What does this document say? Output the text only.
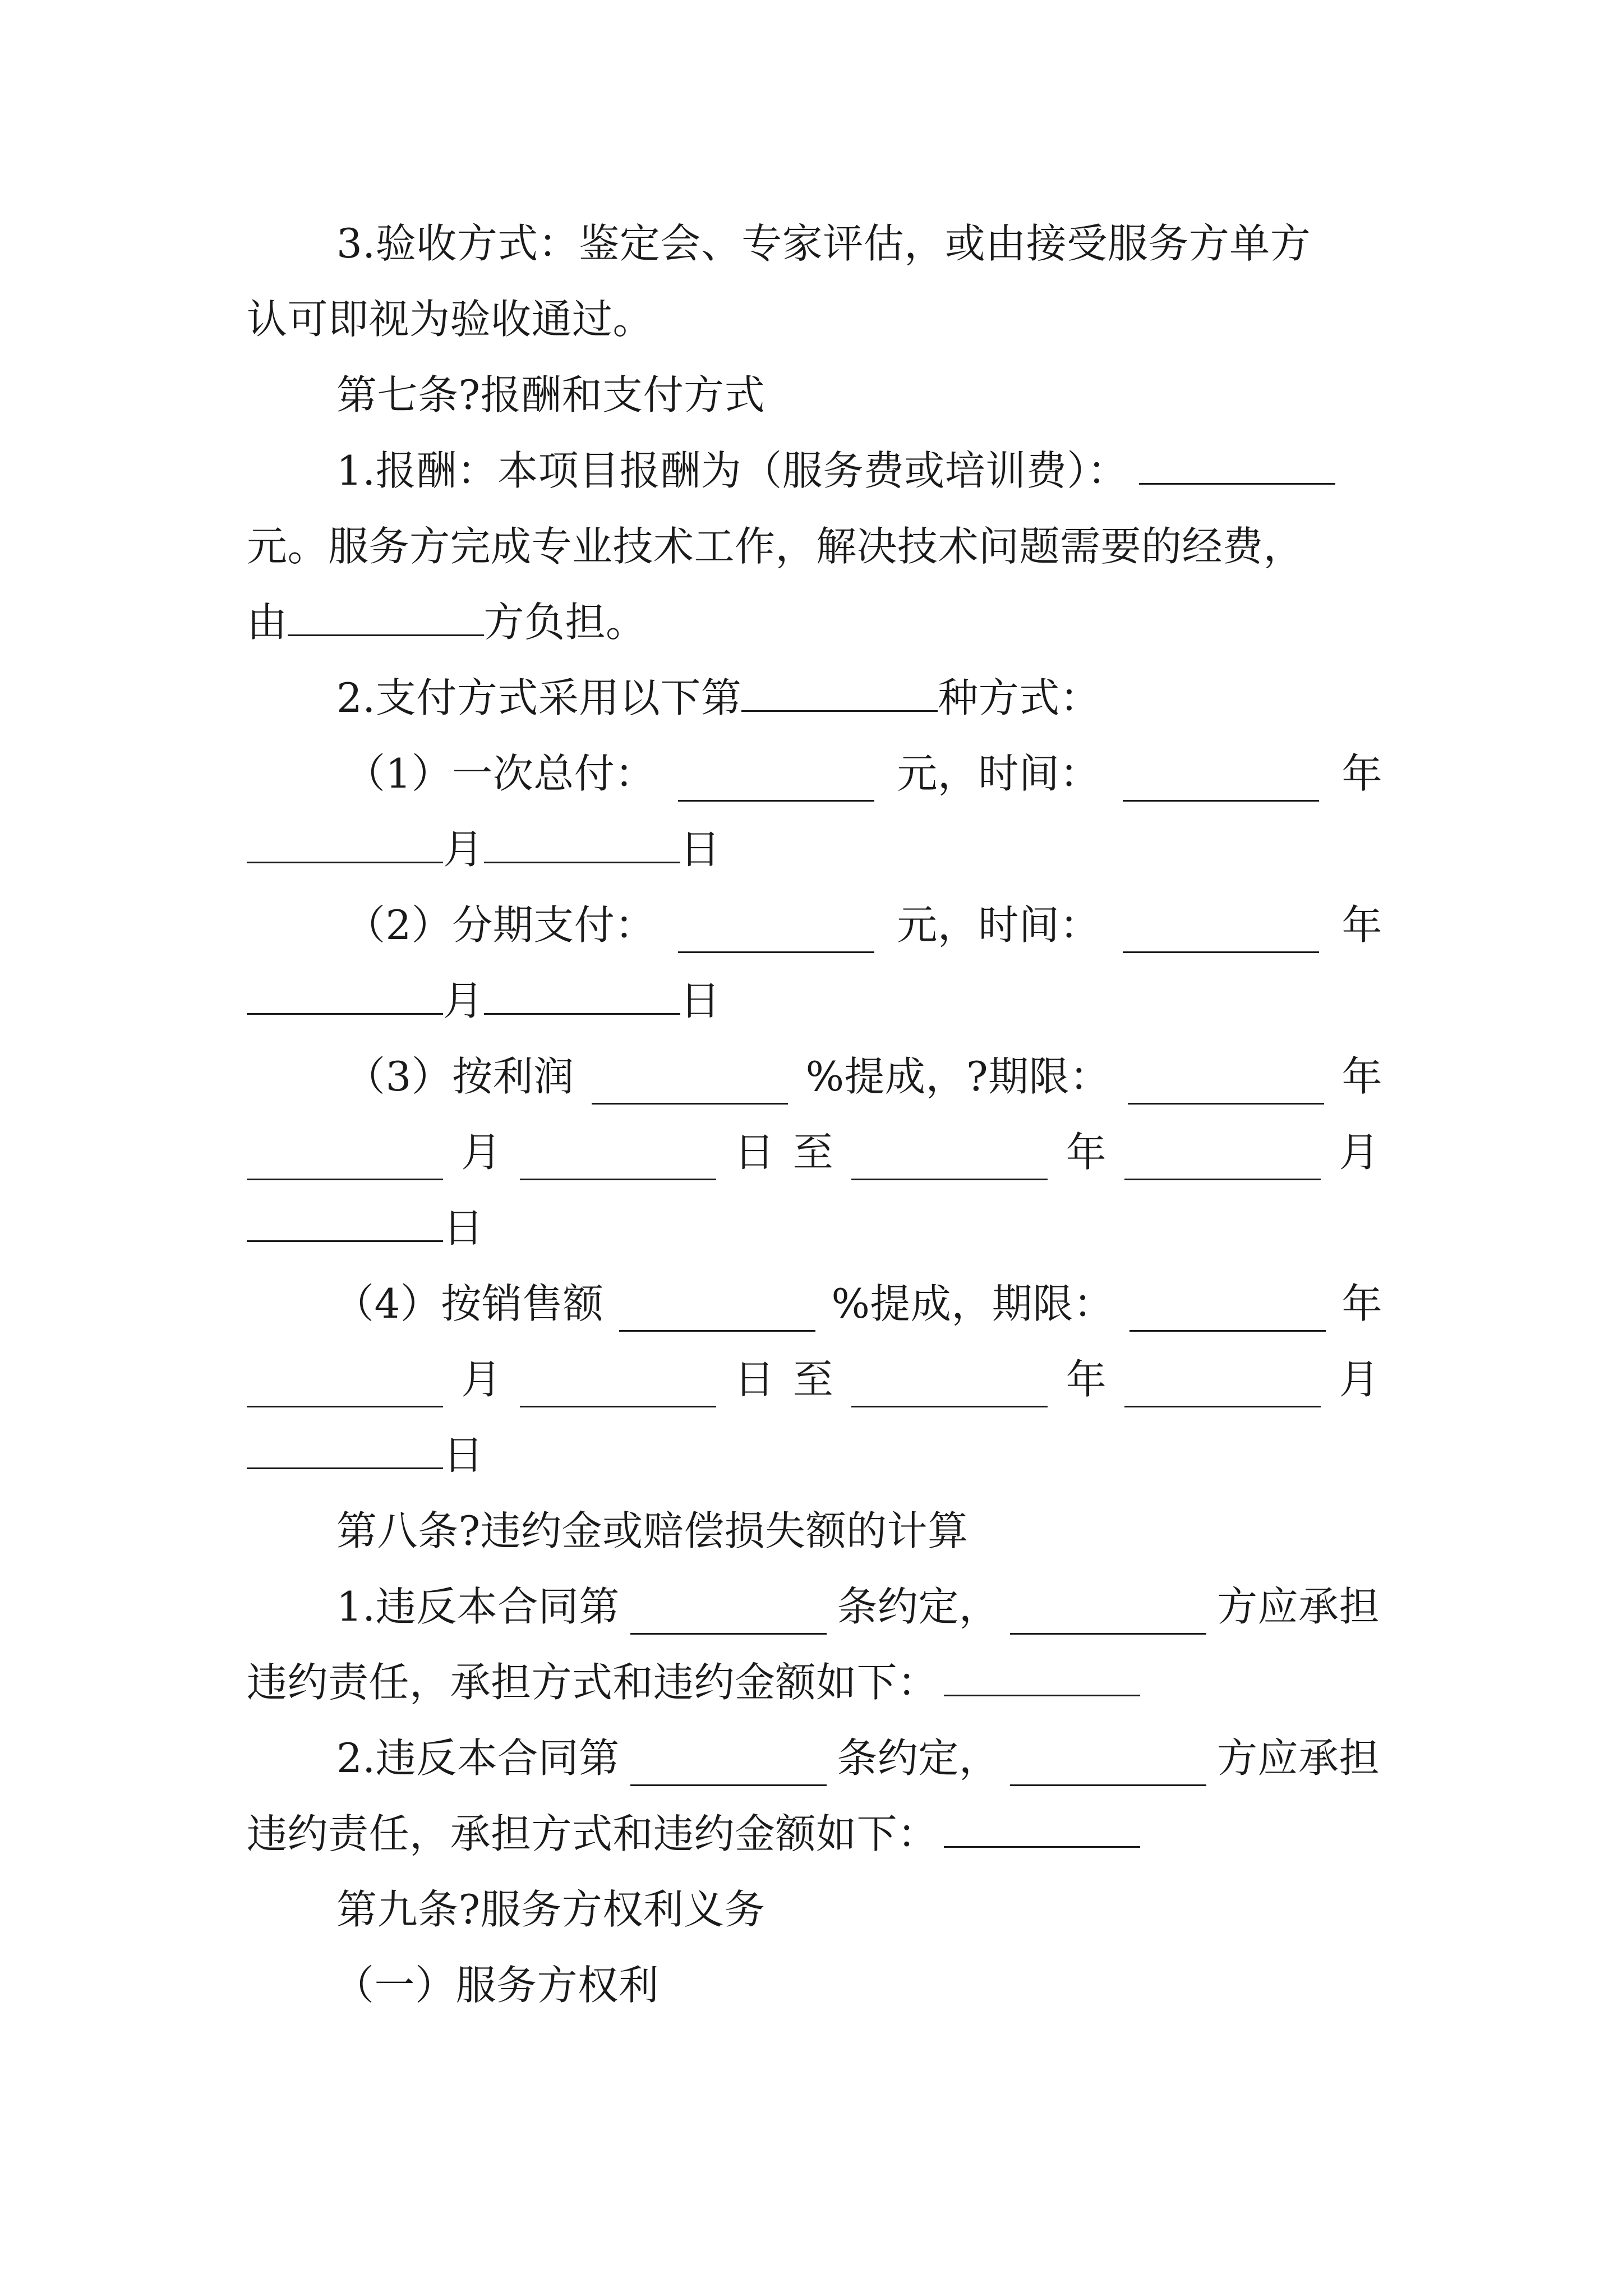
3.验收方式：鉴定会、专家评估，或由接受服务方单方
认可即视为验收通过。
第七条?报酬和支付方式
1.报酬：本项目报酬为（服务费或培训费）：
元。服务方完成专业技术工作，解决技术问题需要的经费，
由	方负担。
2.支付方式采用以下第	种方式：
（1）一次总付：	元，时间：	年
月	日
（2）分期支付：	元，时间：	年
月	日
（3）按利润	%提成，?期限：	年
月	日 至	年	月
日
（4）按销售额	%提成，期限：	年
月	日 至	年	月
日
第八条?违约金或赔偿损失额的计算
1.违反本合同第	条约定，	方应承担
违约责任，承担方式和违约金额如下：
2.违反本合同第	条约定，	方应承担
违约责任，承担方式和违约金额如下：
第九条?服务方权利义务
（一）服务方权利
